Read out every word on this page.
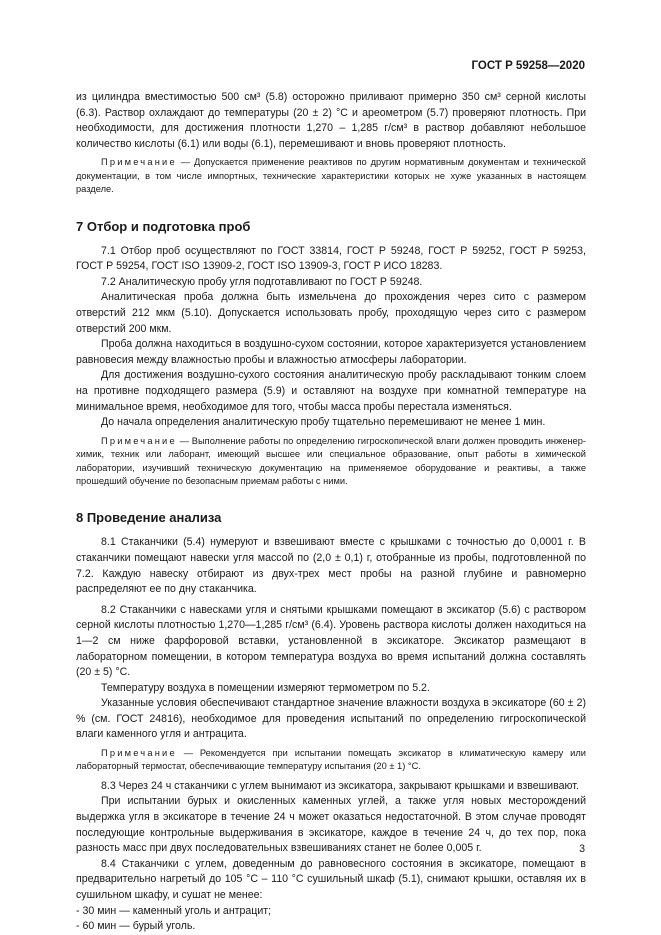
ГОСТ Р 59258—2020

из цилиндра вместимостью 500 см³ (5.8) осторожно приливают примерно 350 см³ серной кислоты (6.3). Раствор охлаждают до температуры (20 ± 2) °С и ареометром (5.7) проверяют плотность. При необходимости, для достижения плотности 1,270 – 1,285 г/см³ в раствор добавляют небольшое количество кислоты (6.1) или воды (6.1), перемешивают и вновь проверяют плотность.

Примечание — Допускается применение реактивов по другим нормативным документам и технической документации, в том числе импортных, технические характеристики которых не хуже указанных в настоящем разделе.

7 Отбор и подготовка проб

7.1 Отбор проб осуществляют по ГОСТ 33814, ГОСТ Р 59248, ГОСТ Р 59252, ГОСТ Р 59253, ГОСТ Р 59254, ГОСТ ISO 13909-2, ГОСТ ISO 13909-3, ГОСТ Р ИСО 18283.

7.2 Аналитическую пробу угля подготавливают по ГОСТ Р 59248.

Аналитическая проба должна быть измельчена до прохождения через сито с размером отверстий 212 мкм (5.10). Допускается использовать пробу, проходящую через сито с размером отверстий 200 мкм.

Проба должна находиться в воздушно-сухом состоянии, которое характеризуется установлением равновесия между влажностью пробы и влажностью атмосферы лаборатории.

Для достижения воздушно-сухого состояния аналитическую пробу раскладывают тонким слоем на противне подходящего размера (5.9) и оставляют на воздухе при комнатной температуре на минимальное время, необходимое для того, чтобы масса пробы перестала изменяться.

До начала определения аналитическую пробу тщательно перемешивают не менее 1 мин.

Примечание — Выполнение работы по определению гигроскопической влаги должен проводить инженер-химик, техник или лаборант, имеющий высшее или специальное образование, опыт работы в химической лаборатории, изучивший техническую документацию на применяемое оборудование и реактивы, а также прошедший обучение по безопасным приемам работы с ними.

8 Проведение анализа

8.1 Стаканчики (5.4) нумеруют и взвешивают вместе с крышками с точностью до 0,0001 г. В стаканчики помещают навески угля массой по (2,0 ± 0,1) г, отобранные из пробы, подготовленной по 7.2. Каждую навеску отбирают из двух-трех мест пробы на разной глубине и равномерно распределяют ее по дну стаканчика.

8.2 Стаканчики с навесками угля и снятыми крышками помещают в эксикатор (5.6) с раствором серной кислоты плотностью 1,270—1,285 г/см³ (6.4). Уровень раствора кислоты должен находиться на 1—2 см ниже фарфоровой вставки, установленной в эксикаторе. Эксикатор размещают в лабораторном помещении, в котором температура воздуха во время испытаний должна составлять (20 ± 5) °С.

Температуру воздуха в помещении измеряют термометром по 5.2.

Указанные условия обеспечивают стандартное значение влажности воздуха в эксикаторе (60 ± 2) % (см. ГОСТ 24816), необходимое для проведения испытаний по определению гигроскопической влаги каменного угля и антрацита.

Примечание — Рекомендуется при испытании помещать эксикатор в климатическую камеру или лабораторный термостат, обеспечивающие температуру испытания (20 ± 1) °С.

8.3 Через 24 ч стаканчики с углем вынимают из эксикатора, закрывают крышками и взвешивают.

При испытании бурых и окисленных каменных углей, а также угля новых месторождений выдержка угля в эксикаторе в течение 24 ч может оказаться недостаточной. В этом случае проводят последующие контрольные выдерживания в эксикаторе, каждое в течение 24 ч, до тех пор, пока разность масс при двух последовательных взвешиваниях станет не более 0,005 г.

8.4 Стаканчики с углем, доведенным до равновесного состояния в эксикаторе, помещают в предварительно нагретый до 105 °С – 110 °С сушильный шкаф (5.1), снимают крышки, оставляя их в сушильном шкафу, и сушат не менее:

- 30 мин — каменный уголь и антрацит;

- 60 мин — бурый уголь.

3
